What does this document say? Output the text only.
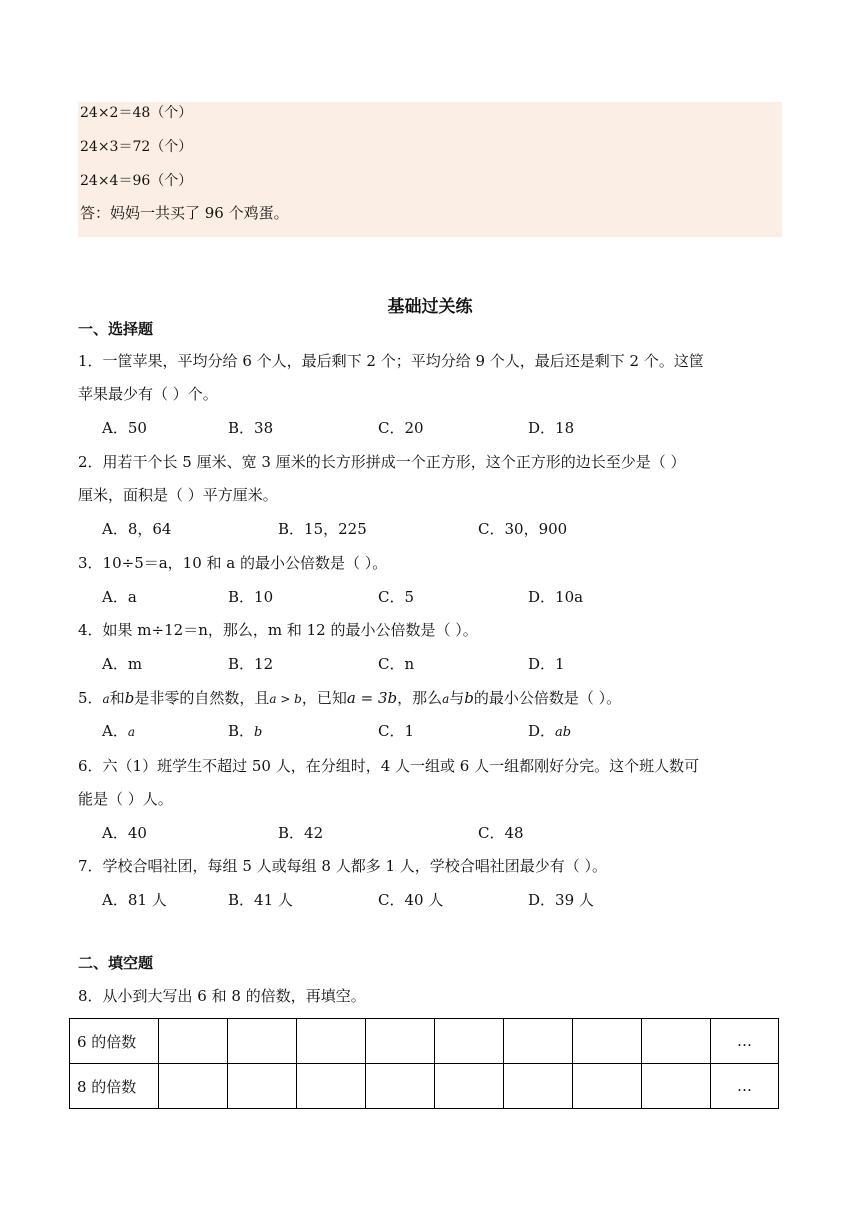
24×2＝48（个）
24×3＝72（个）
24×4＝96（个）
答：妈妈一共买了 96 个鸡蛋。
基础过关练
一、选择题
1．一筐苹果，平均分给 6 个人，最后剩下 2 个；平均分给 9 个人，最后还是剩下 2 个。这筐
苹果最少有（ ）个。
A．50	B．38	C．20	D．18
2．用若干个长 5 厘米、宽 3 厘米的长方形拼成一个正方形，这个正方形的边长至少是（ ）
厘米，面积是（ ）平方厘米。
A．8，64	B．15，225	C．30，900
3．10÷5＝a，10 和 a 的最小公倍数是（ ）。
A．a	B．10	C．5	D．10a
4．如果 m÷12＝n，那么，m 和 12 的最小公倍数是（ ）。
A．m	B．12	C．n	D．1
5．a和b是非零的自然数，且a > b，已知a = 3b，那么a与b的最小公倍数是（ ）。
A．a	B．b	C．1	D．ab
6．六（1）班学生不超过 50 人，在分组时，4 人一组或 6 人一组都刚好分完。这个班人数可
能是（ ）人。
A．40	B．42	C．48
7．学校合唱社团，每组 5 人或每组 8 人都多 1 人，学校合唱社团最少有（ ）。
A．81 人	B．41 人	C．40 人	D．39 人
二、填空题
8．从小到大写出 6 和 8 的倍数，再填空。
6 的倍数									…
8 的倍数									…
